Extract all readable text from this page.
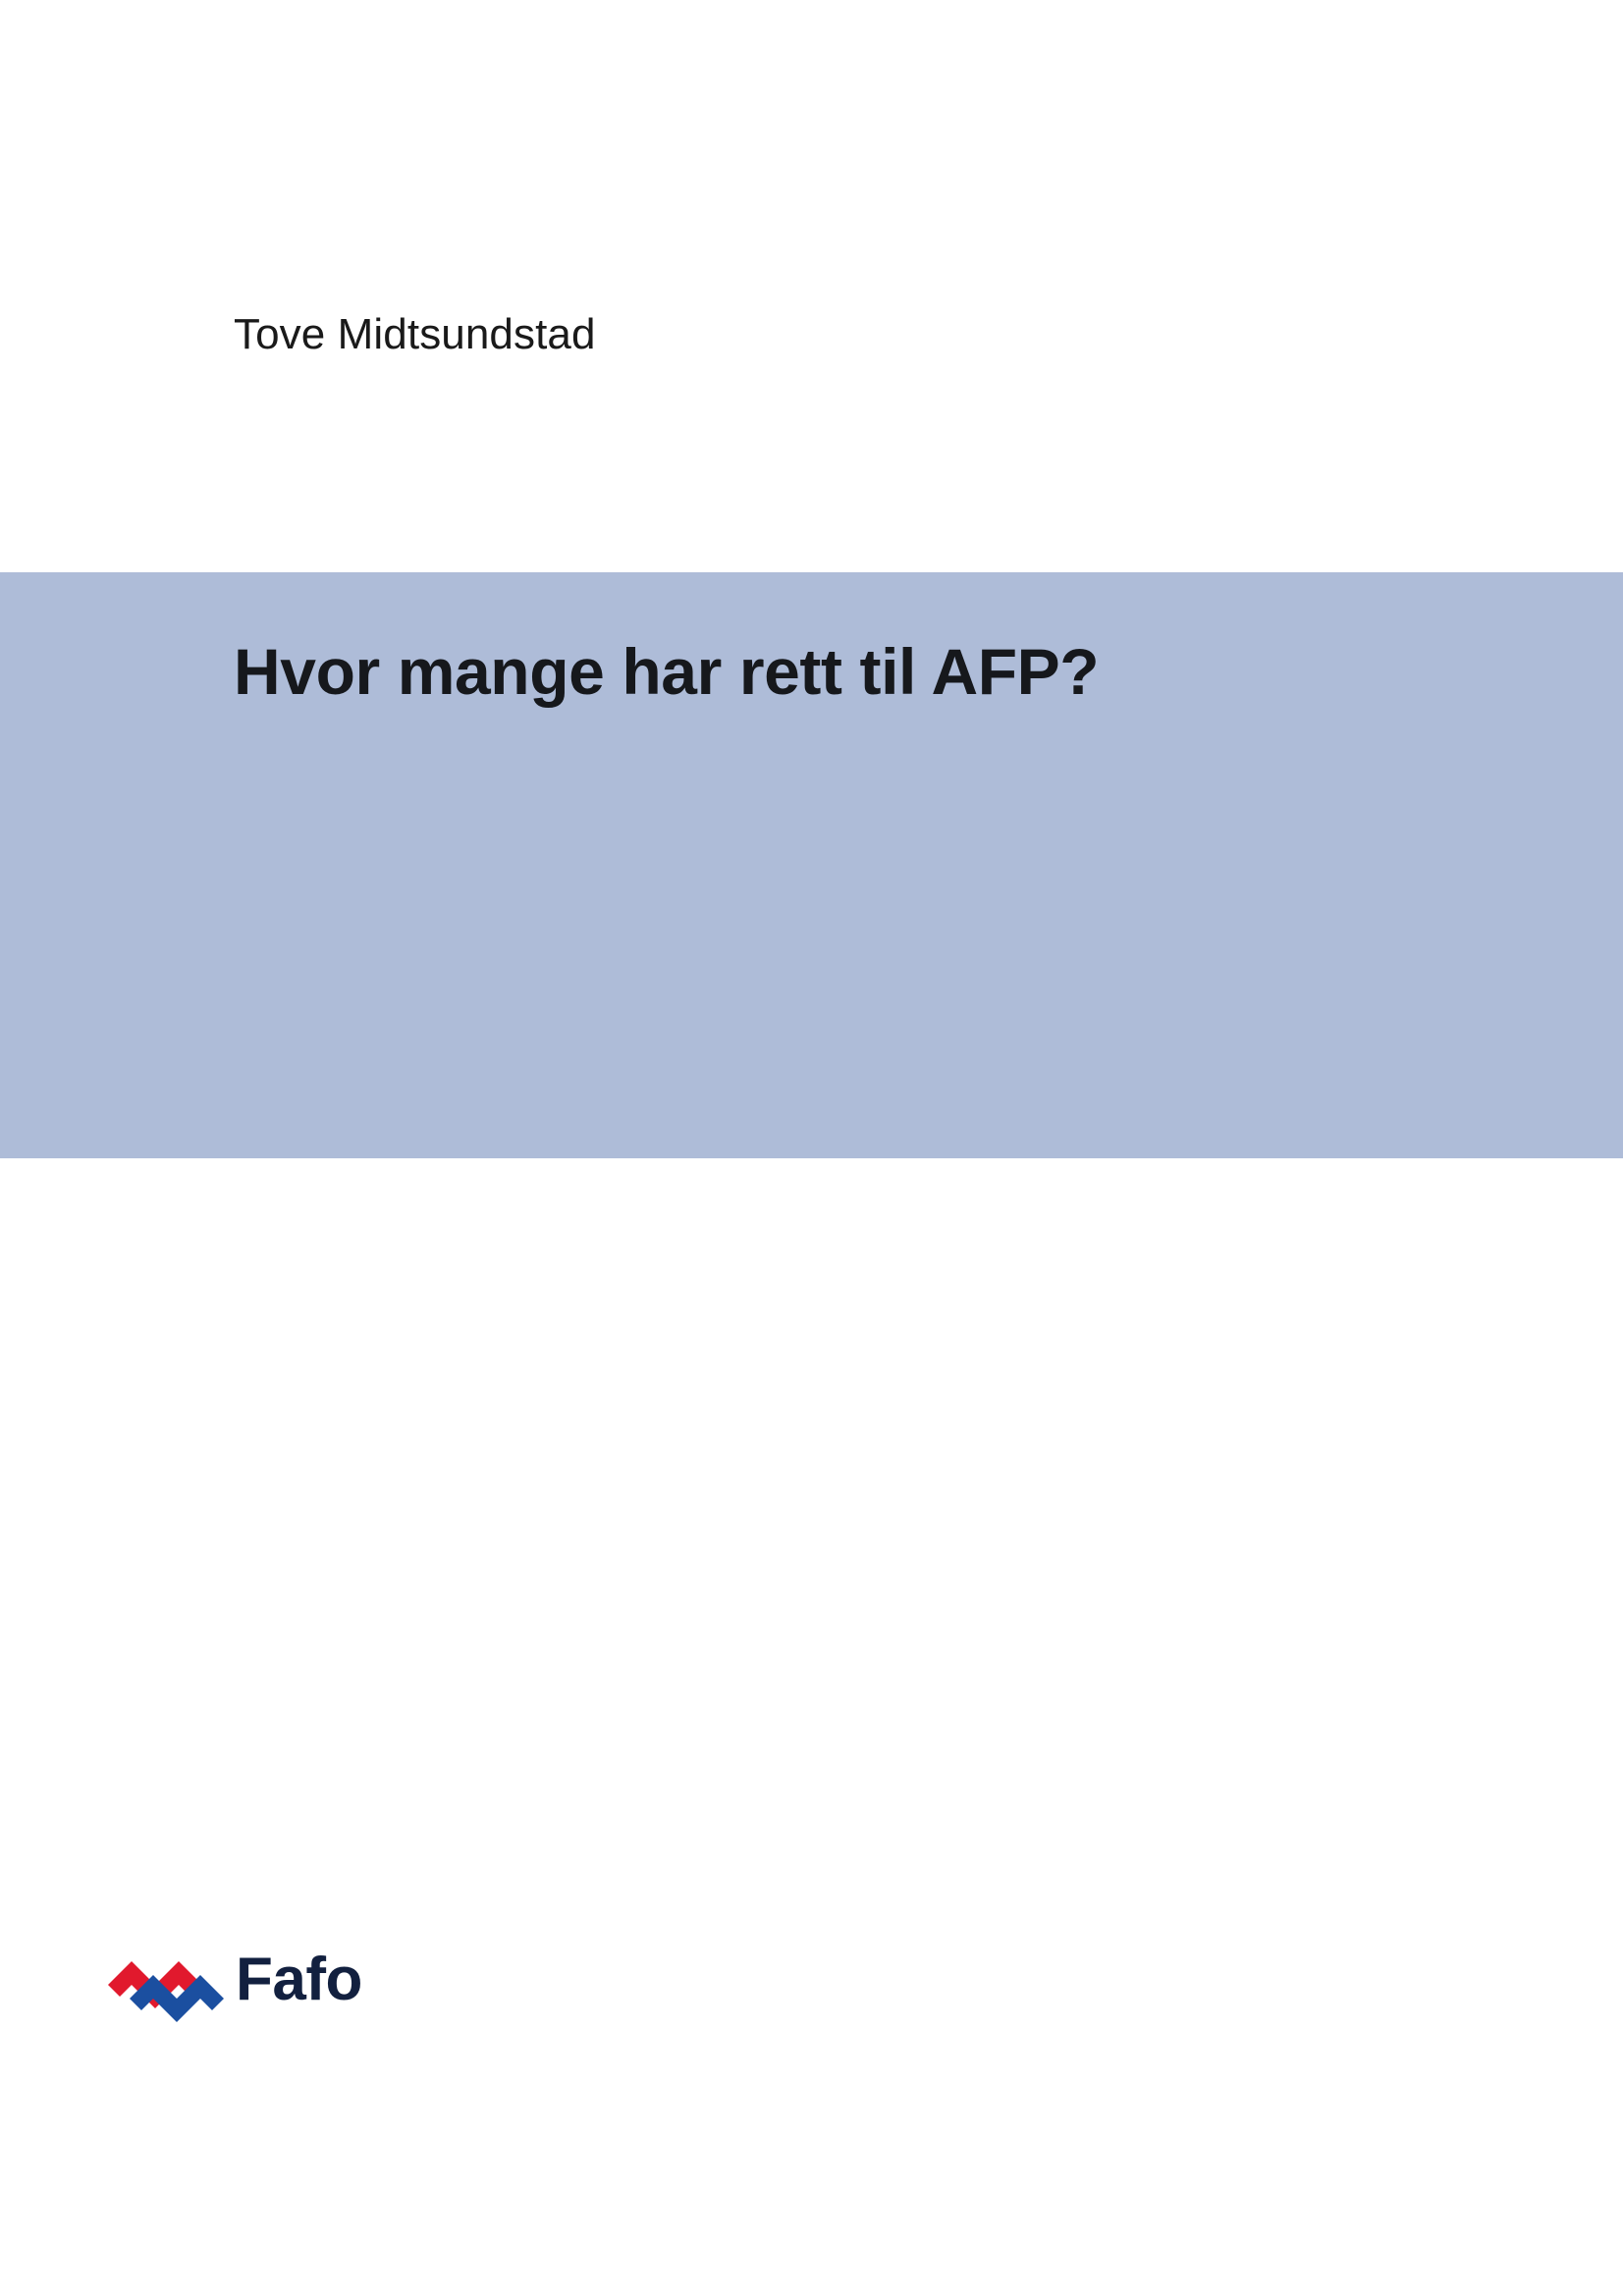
Tove Midtsundstad
Hvor mange har rett til AFP?
Fafo
